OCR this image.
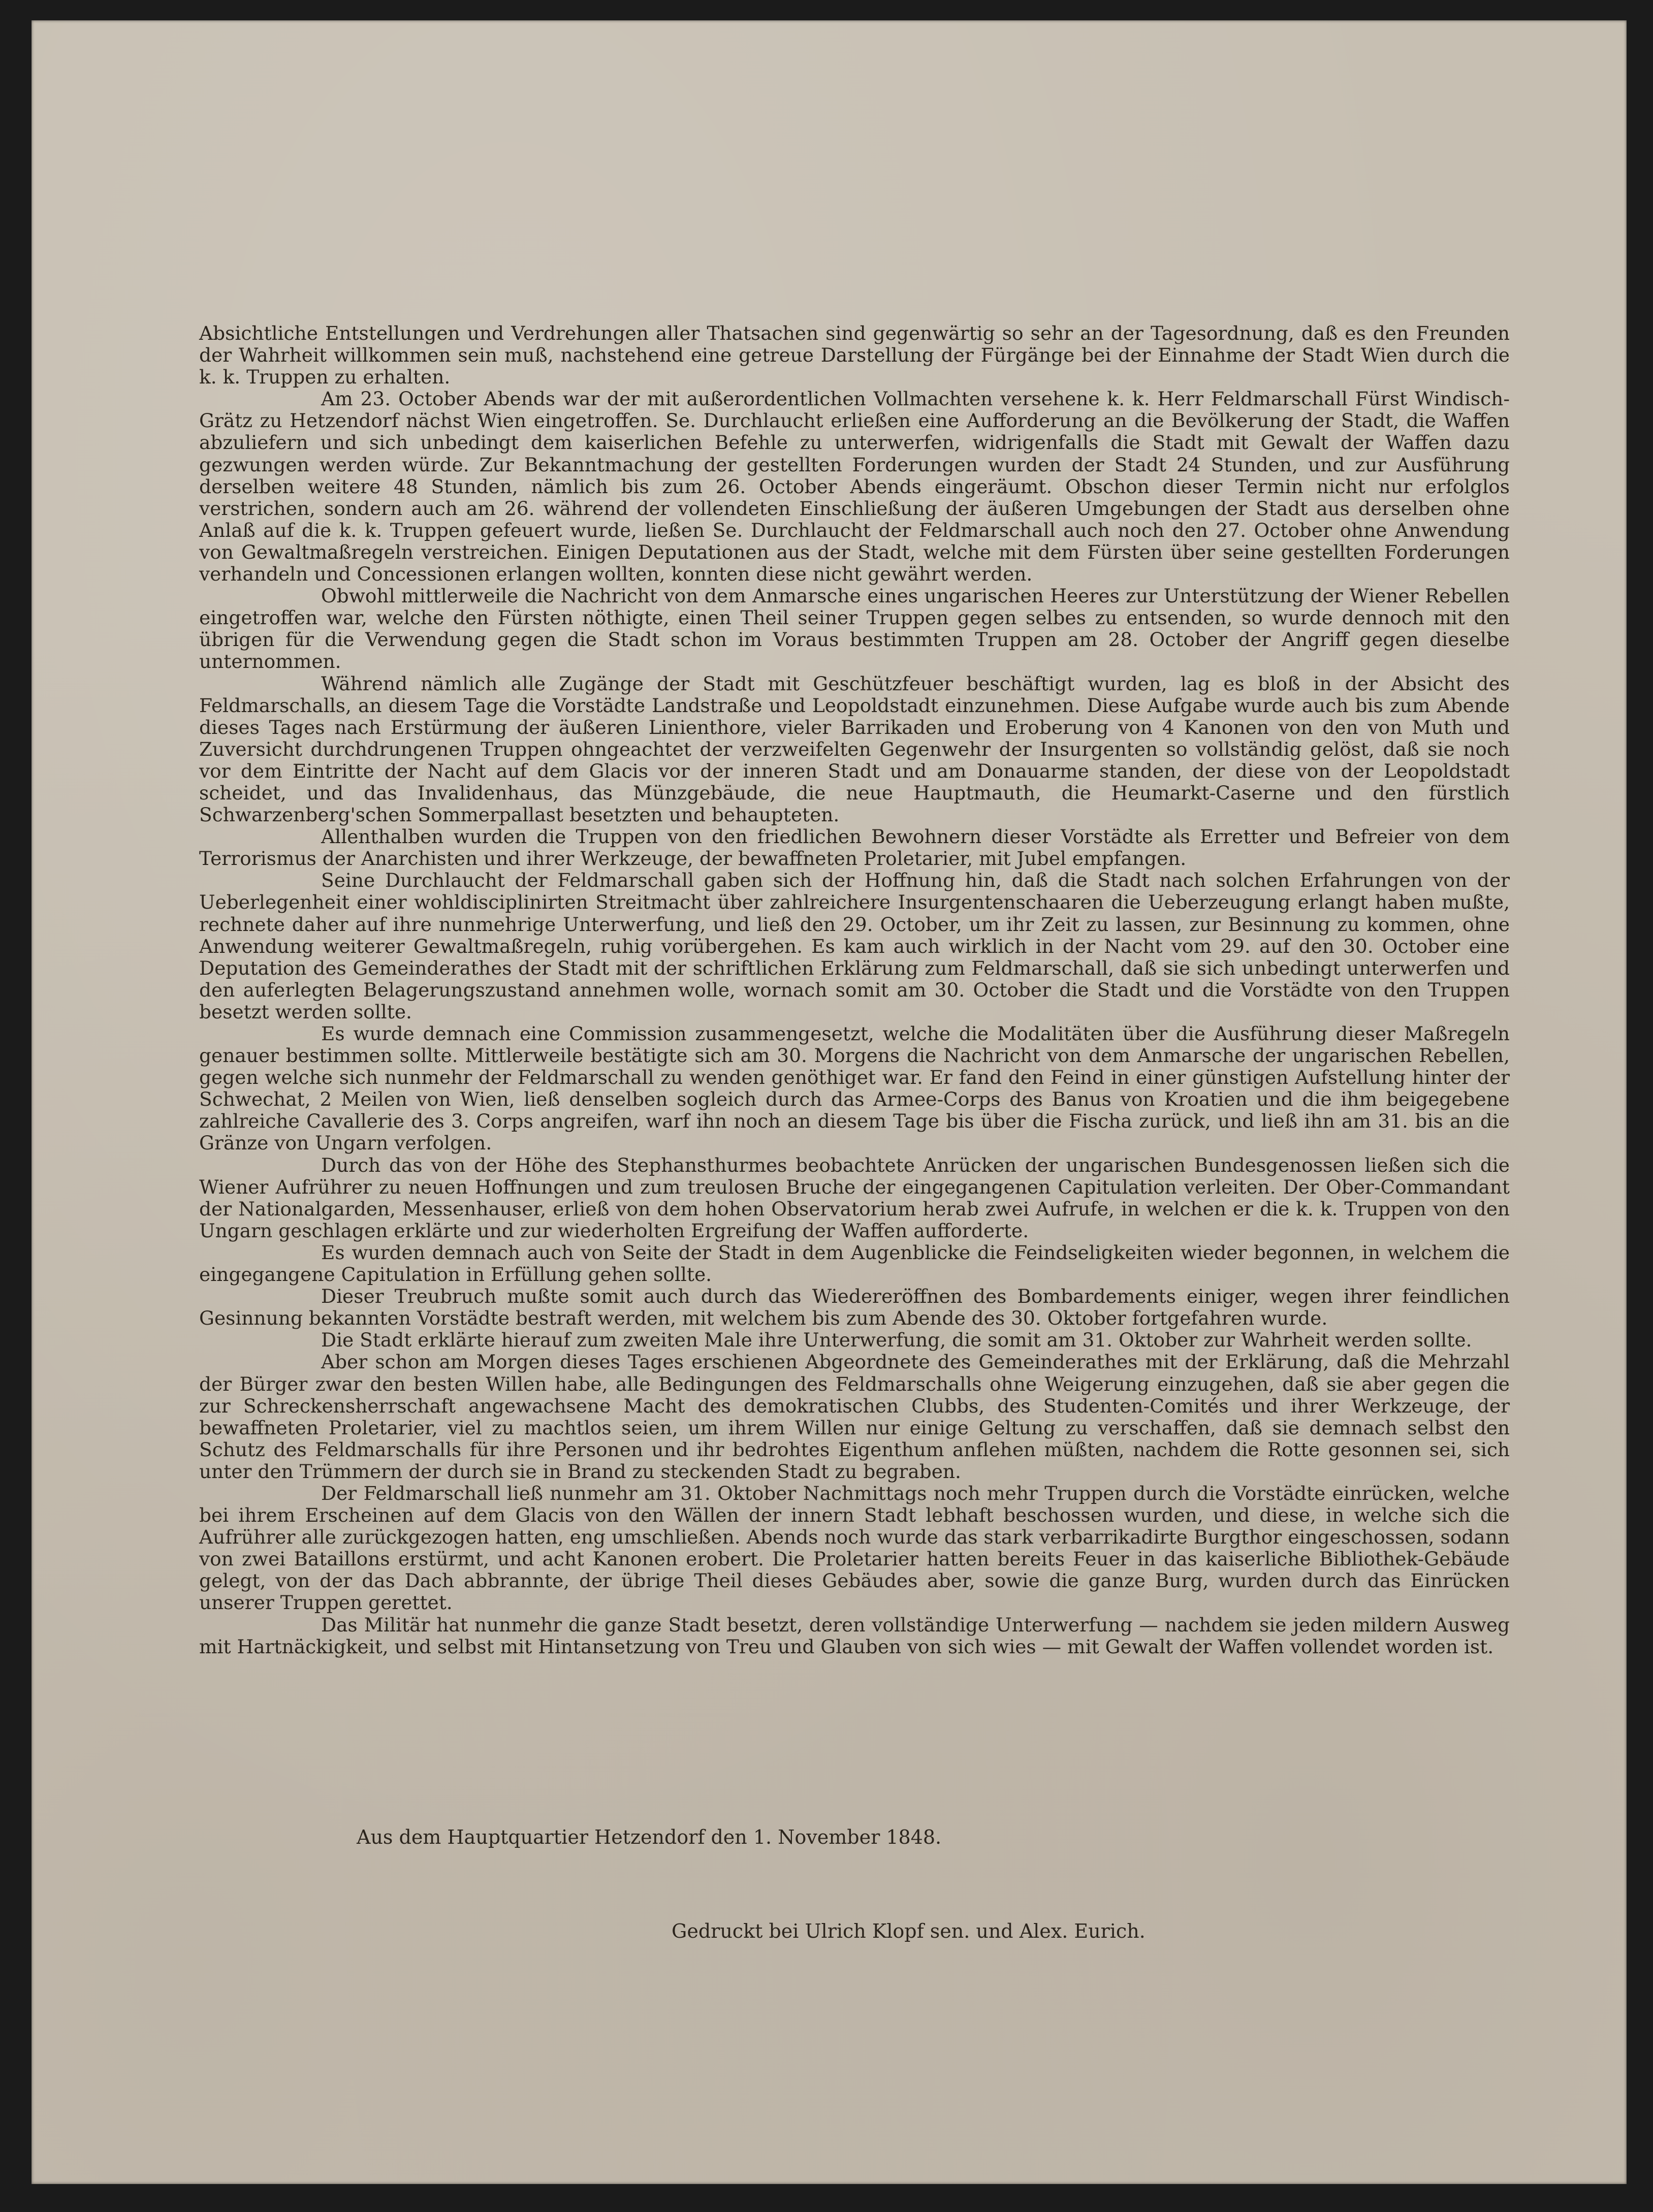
Absichtliche Entstellungen und Verdrehungen aller Thatsachen sind gegenwärtig so sehr an der Tagesordnung, daß es den Freunden der Wahrheit willkommen sein muß, nachstehend eine getreue Darstellung der Fürgänge bei der Einnahme der Stadt Wien durch die k. k. Truppen zu erhalten.

Am 23. October Abends war der mit außerordentlichen Vollmachten versehene k. k. Herr Feldmarschall Fürst Windisch-Grätz zu Hetzendorf nächst Wien eingetroffen. Se. Durchlaucht erließen eine Aufforderung an die Bevölkerung der Stadt, die Waffen abzuliefern und sich unbedingt dem kaiserlichen Befehle zu unterwerfen, widrigenfalls die Stadt mit Gewalt der Waffen dazu gezwungen werden würde. Zur Bekanntmachung der gestellten Forderungen wurden der Stadt 24 Stunden, und zur Ausführung derselben weitere 48 Stunden, nämlich bis zum 26. October Abends eingeräumt. Obschon dieser Termin nicht nur erfolglos verstrichen, sondern auch am 26. während der vollendeten Einschließung der äußeren Umgebungen der Stadt aus derselben ohne Anlaß auf die k. k. Truppen gefeuert wurde, ließen Se. Durchlaucht der Feldmarschall auch noch den 27. October ohne Anwendung von Gewaltmaßregeln verstreichen. Einigen Deputationen aus der Stadt, welche mit dem Fürsten über seine gestellten Forderungen verhandeln und Concessionen erlangen wollten, konnten diese nicht gewährt werden.

Obwohl mittlerweile die Nachricht von dem Anmarsche eines ungarischen Heeres zur Unterstützung der Wiener Rebellen eingetroffen war, welche den Fürsten nöthigte, einen Theil seiner Truppen gegen selbes zu entsenden, so wurde dennoch mit den übrigen für die Verwendung gegen die Stadt schon im Voraus bestimmten Truppen am 28. October der Angriff gegen dieselbe unternommen.

Während nämlich alle Zugänge der Stadt mit Geschützfeuer beschäftigt wurden, lag es bloß in der Absicht des Feldmarschalls, an diesem Tage die Vorstädte Landstraße und Leopoldstadt einzunehmen. Diese Aufgabe wurde auch bis zum Abende dieses Tages nach Erstürmung der äußeren Linienthore, vieler Barrikaden und Eroberung von 4 Kanonen von den von Muth und Zuversicht durchdrungenen Truppen ohngeachtet der verzweifelten Gegenwehr der Insurgenten so vollständig gelöst, daß sie noch vor dem Eintritte der Nacht auf dem Glacis vor der inneren Stadt und am Donauarme standen, der diese von der Leopoldstadt scheidet, und das Invalidenhaus, das Münzgebäude, die neue Hauptmauth, die Heumarkt-Caserne und den fürstlich Schwarzenberg'schen Sommerpallast besetzten und behaupteten.

Allenthalben wurden die Truppen von den friedlichen Bewohnern dieser Vorstädte als Erretter und Befreier von dem Terrorismus der Anarchisten und ihrer Werkzeuge, der bewaffneten Proletarier, mit Jubel empfangen.

Seine Durchlaucht der Feldmarschall gaben sich der Hoffnung hin, daß die Stadt nach solchen Erfahrungen von der Ueberlegenheit einer wohldisciplinirten Streitmacht über zahlreichere Insurgentenschaaren die Ueberzeugung erlangt haben mußte, rechnete daher auf ihre nunmehrige Unterwerfung, und ließ den 29. October, um ihr Zeit zu lassen, zur Besinnung zu kommen, ohne Anwendung weiterer Gewaltmaßregeln, ruhig vorübergehen. Es kam auch wirklich in der Nacht vom 29. auf den 30. October eine Deputation des Gemeinderathes der Stadt mit der schriftlichen Erklärung zum Feldmarschall, daß sie sich unbedingt unterwerfen und den auferlegten Belagerungszustand annehmen wolle, wornach somit am 30. October die Stadt und die Vorstädte von den Truppen besetzt werden sollte.

Es wurde demnach eine Commission zusammengesetzt, welche die Modalitäten über die Ausführung dieser Maßregeln genauer bestimmen sollte. Mittlerweile bestätigte sich am 30. Morgens die Nachricht von dem Anmarsche der ungarischen Rebellen, gegen welche sich nunmehr der Feldmarschall zu wenden genöthiget war. Er fand den Feind in einer günstigen Aufstellung hinter der Schwechat, 2 Meilen von Wien, ließ denselben sogleich durch das Armee-Corps des Banus von Kroatien und die ihm beigegebene zahlreiche Cavallerie des 3. Corps angreifen, warf ihn noch an diesem Tage bis über die Fischa zurück, und ließ ihn am 31. bis an die Gränze von Ungarn verfolgen.

Durch das von der Höhe des Stephansthurmes beobachtete Anrücken der ungarischen Bundesgenossen ließen sich die Wiener Aufrührer zu neuen Hoffnungen und zum treulosen Bruche der eingegangenen Capitulation verleiten. Der Ober-Commandant der Nationalgarden, Messenhauser, erließ von dem hohen Observatorium herab zwei Aufrufe, in welchen er die k. k. Truppen von den Ungarn geschlagen erklärte und zur wiederholten Ergreifung der Waffen aufforderte.

Es wurden demnach auch von Seite der Stadt in dem Augenblicke die Feindseligkeiten wieder begonnen, in welchem die eingegangene Capitulation in Erfüllung gehen sollte.

Dieser Treubruch mußte somit auch durch das Wiedereröffnen des Bombardements einiger, wegen ihrer feindlichen Gesinnung bekannten Vorstädte bestraft werden, mit welchem bis zum Abende des 30. Oktober fortgefahren wurde.

Die Stadt erklärte hierauf zum zweiten Male ihre Unterwerfung, die somit am 31. Oktober zur Wahrheit werden sollte.

Aber schon am Morgen dieses Tages erschienen Abgeordnete des Gemeinderathes mit der Erklärung, daß die Mehrzahl der Bürger zwar den besten Willen habe, alle Bedingungen des Feldmarschalls ohne Weigerung einzugehen, daß sie aber gegen die zur Schreckensherrschaft angewachsene Macht des demokratischen Clubbs, des Studenten-Comités und ihrer Werkzeuge, der bewaffneten Proletarier, viel zu machtlos seien, um ihrem Willen nur einige Geltung zu verschaffen, daß sie demnach selbst den Schutz des Feldmarschalls für ihre Personen und ihr bedrohtes Eigenthum anflehen müßten, nachdem die Rotte gesonnen sei, sich unter den Trümmern der durch sie in Brand zu steckenden Stadt zu begraben.

Der Feldmarschall ließ nunmehr am 31. Oktober Nachmittags noch mehr Truppen durch die Vorstädte einrücken, welche bei ihrem Erscheinen auf dem Glacis von den Wällen der innern Stadt lebhaft beschossen wurden, und diese, in welche sich die Aufrührer alle zurückgezogen hatten, eng umschließen. Abends noch wurde das stark verbarrikadirte Burgthor eingeschossen, sodann von zwei Bataillons erstürmt, und acht Kanonen erobert. Die Proletarier hatten bereits Feuer in das kaiserliche Bibliothek-Gebäude gelegt, von der das Dach abbrannte, der übrige Theil dieses Gebäudes aber, sowie die ganze Burg, wurden durch das Einrücken unserer Truppen gerettet.

Das Militär hat nunmehr die ganze Stadt besetzt, deren vollständige Unterwerfung — nachdem sie jeden mildern Ausweg mit Hartnäckigkeit, und selbst mit Hintansetzung von Treu und Glauben von sich wies — mit Gewalt der Waffen vollendet worden ist.

Aus dem Hauptquartier Hetzendorf den 1. November 1848.
Gedruckt bei Ulrich Klopf sen. und Alex. Eurich.
